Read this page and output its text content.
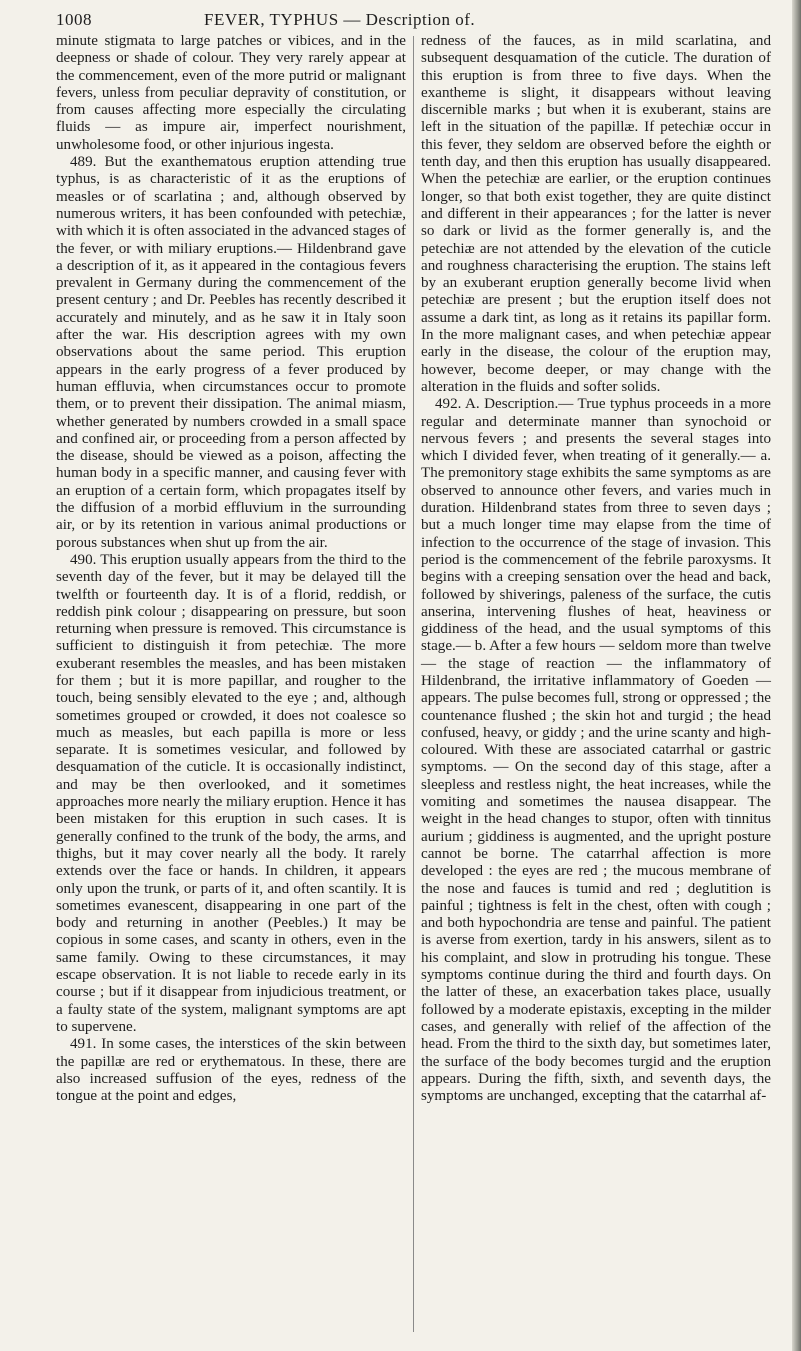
1008	FEVER, TYPHUS — Description of.

minute stigmata to large patches or vibices, and in the deepness or shade of colour. They very rarely appear at the commencement, even of the more putrid or malignant fevers, unless from peculiar depravity of constitution, or from causes affecting more especially the circulating fluids — as impure air, imperfect nourishment, unwholesome food, or other injurious ingesta.

489. But the exanthematous eruption attending true typhus, is as characteristic of it as the eruptions of measles or of scarlatina ; and, although observed by numerous writers, it has been confounded with petechiæ, with which it is often associated in the advanced stages of the fever, or with miliary eruptions.— Hildenbrand gave a description of it, as it appeared in the contagious fevers prevalent in Germany during the commencement of the present century ; and Dr. Peebles has recently described it accurately and minutely, and as he saw it in Italy soon after the war. His description agrees with my own observations about the same period. This eruption appears in the early progress of a fever produced by human effluvia, when circumstances occur to promote them, or to prevent their dissipation. The animal miasm, whether generated by numbers crowded in a small space and confined air, or proceeding from a person affected by the disease, should be viewed as a poison, affecting the human body in a specific manner, and causing fever with an eruption of a certain form, which propagates itself by the diffusion of a morbid effluvium in the surrounding air, or by its retention in various animal productions or porous substances when shut up from the air.

490. This eruption usually appears from the third to the seventh day of the fever, but it may be delayed till the twelfth or fourteenth day. It is of a florid, reddish, or reddish pink colour ; disappearing on pressure, but soon returning when pressure is removed. This circumstance is sufficient to distinguish it from petechiæ. The more exuberant resembles the measles, and has been mistaken for them ; but it is more papillar, and rougher to the touch, being sensibly elevated to the eye ; and, although sometimes grouped or crowded, it does not coalesce so much as measles, but each papilla is more or less separate. It is sometimes vesicular, and followed by desquamation of the cuticle. It is occasionally indistinct, and may be then overlooked, and it sometimes approaches more nearly the miliary eruption. Hence it has been mistaken for this eruption in such cases. It is generally confined to the trunk of the body, the arms, and thighs, but it may cover nearly all the body. It rarely extends over the face or hands. In children, it appears only upon the trunk, or parts of it, and often scantily. It is sometimes evanescent, disappearing in one part of the body and returning in another (Peebles.) It may be copious in some cases, and scanty in others, even in the same family. Owing to these circumstances, it may escape observation. It is not liable to recede early in its course ; but if it disappear from injudicious treatment, or a faulty state of the system, malignant symptoms are apt to supervene.

491. In some cases, the interstices of the skin between the papillæ are red or erythematous. In these, there are also increased suffusion of the eyes, redness of the tongue at the point and edges,

redness of the fauces, as in mild scarlatina, and subsequent desquamation of the cuticle. The duration of this eruption is from three to five days. When the exantheme is slight, it disappears without leaving discernible marks ; but when it is exuberant, stains are left in the situation of the papillæ. If petechiæ occur in this fever, they seldom are observed before the eighth or tenth day, and then this eruption has usually disappeared. When the petechiæ are earlier, or the eruption continues longer, so that both exist together, they are quite distinct and different in their appearances ; for the latter is never so dark or livid as the former generally is, and the petechiæ are not attended by the elevation of the cuticle and roughness characterising the eruption. The stains left by an exuberant eruption generally become livid when petechiæ are present ; but the eruption itself does not assume a dark tint, as long as it retains its papillar form. In the more malignant cases, and when petechiæ appear early in the disease, the colour of the eruption may, however, become deeper, or may change with the alteration in the fluids and softer solids.

492. A. Description.— True typhus proceeds in a more regular and determinate manner than synochoid or nervous fevers ; and presents the several stages into which I divided fever, when treating of it generally.— a. The premonitory stage exhibits the same symptoms as are observed to announce other fevers, and varies much in duration. Hildenbrand states from three to seven days ; but a much longer time may elapse from the time of infection to the occurrence of the stage of invasion. This period is the commencement of the febrile paroxysms. It begins with a creeping sensation over the head and back, followed by shiverings, paleness of the surface, the cutis anserina, intervening flushes of heat, heaviness or giddiness of the head, and the usual symptoms of this stage.— b. After a few hours — seldom more than twelve — the stage of reaction — the inflammatory of Hildenbrand, the irritative inflammatory of Goeden — appears. The pulse becomes full, strong or oppressed ; the countenance flushed ; the skin hot and turgid ; the head confused, heavy, or giddy ; and the urine scanty and high-coloured. With these are associated catarrhal or gastric symptoms. — On the second day of this stage, after a sleepless and restless night, the heat increases, while the vomiting and sometimes the nausea disappear. The weight in the head changes to stupor, often with tinnitus aurium ; giddiness is augmented, and the upright posture cannot be borne. The catarrhal affection is more developed : the eyes are red ; the mucous membrane of the nose and fauces is tumid and red ; deglutition is painful ; tightness is felt in the chest, often with cough ; and both hypochondria are tense and painful. The patient is averse from exertion, tardy in his answers, silent as to his complaint, and slow in protruding his tongue. These symptoms continue during the third and fourth days. On the latter of these, an exacerbation takes place, usually followed by a moderate epistaxis, excepting in the milder cases, and generally with relief of the affection of the head. From the third to the sixth day, but sometimes later, the surface of the body becomes turgid and the eruption appears. During the fifth, sixth, and seventh days, the symptoms are unchanged, excepting that the catarrhal af-
